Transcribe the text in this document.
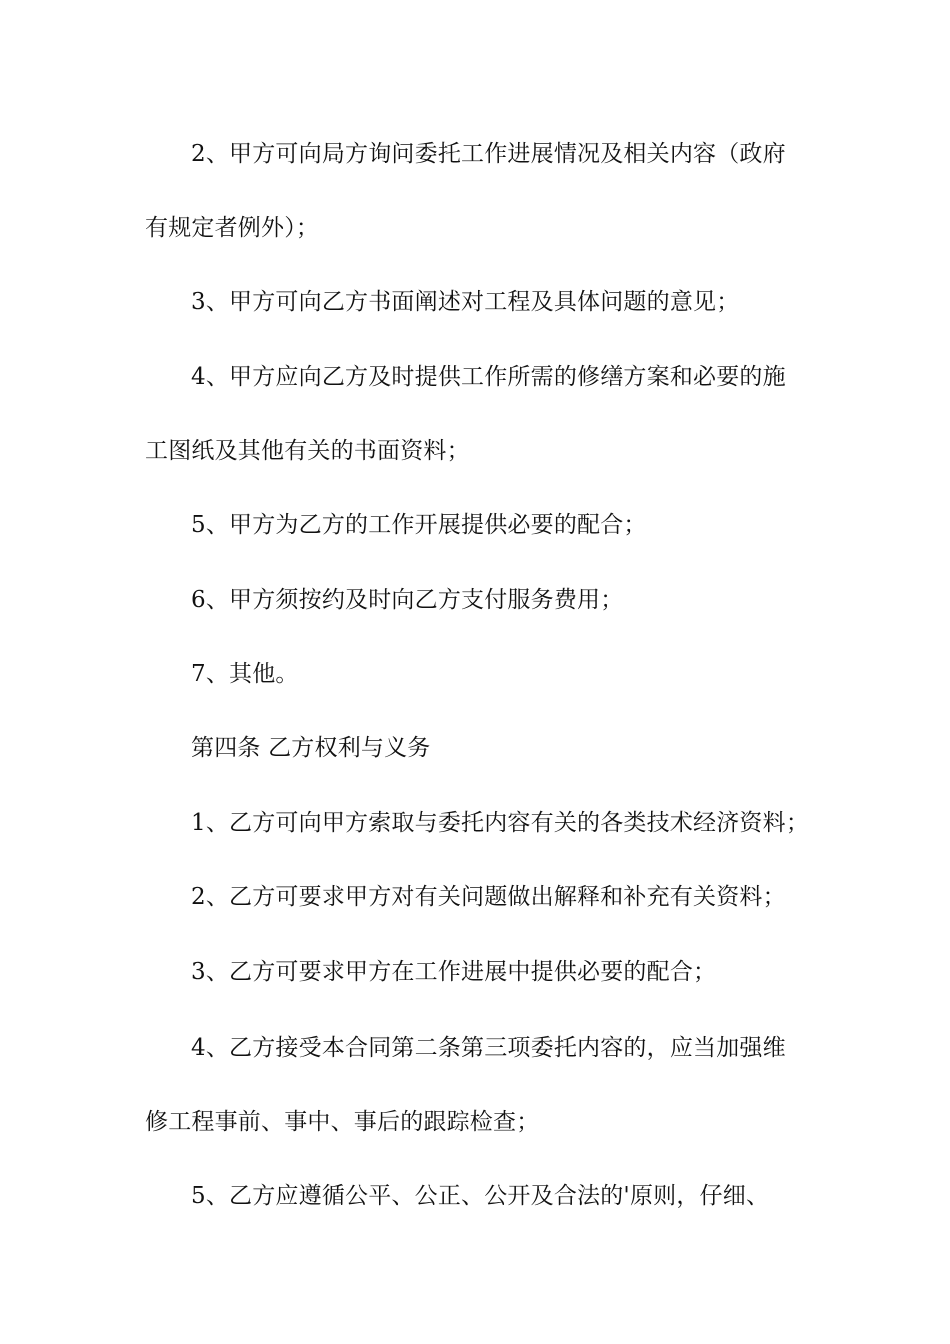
2、甲方可向局方询问委托工作进展情况及相关内容（政府
有规定者例外）；
3、甲方可向乙方书面阐述对工程及具体问题的意见；
4、甲方应向乙方及时提供工作所需的修缮方案和必要的施
工图纸及其他有关的书面资料；
5、甲方为乙方的工作开展提供必要的配合；
6、甲方须按约及时向乙方支付服务费用；
7、其他。
第四条 乙方权利与义务
1、乙方可向甲方索取与委托内容有关的各类技术经济资料；
2、乙方可要求甲方对有关问题做出解释和补充有关资料；
3、乙方可要求甲方在工作进展中提供必要的配合；
4、乙方接受本合同第二条第三项委托内容的，应当加强维
修工程事前、事中、事后的跟踪检查；
5、乙方应遵循公平、公正、公开及合法的'原则，仔细、
